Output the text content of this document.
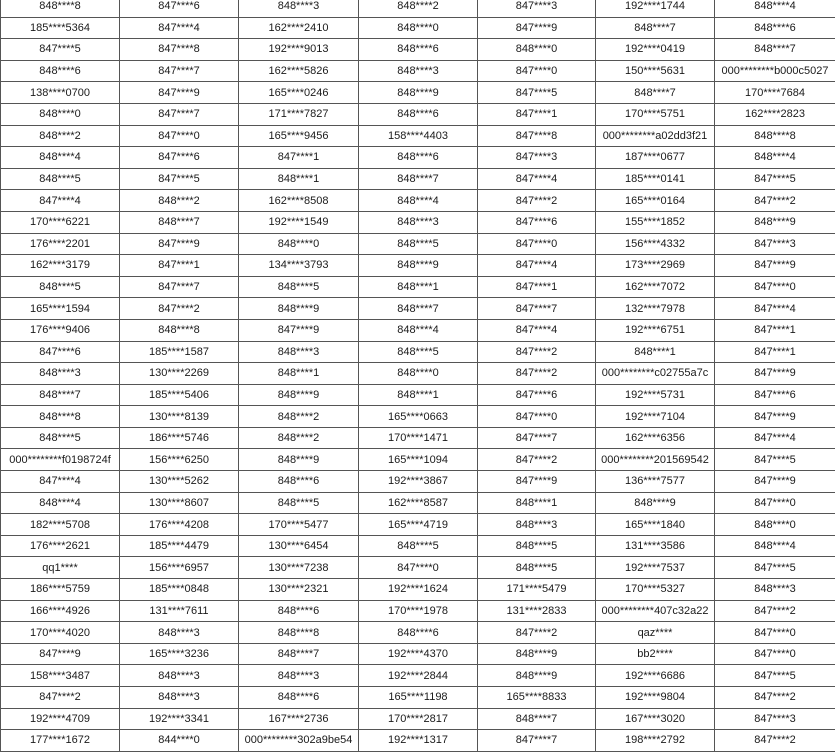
848****8	847****6	848****3	848****2	847****3	192****1744	848****4
185****5364	847****4	162****2410	848****0	847****9	848****7	848****6
847****5	847****8	192****9013	848****6	848****0	192****0419	848****7
848****6	847****7	162****5826	848****3	847****0	150****5631	000********b000c5027
138****0700	847****9	165****0246	848****9	847****5	848****7	170****7684
848****0	847****7	171****7827	848****6	847****1	170****5751	162****2823
848****2	847****0	165****9456	158****4403	847****8	000********a02dd3f21	848****8
848****4	847****6	847****1	848****6	847****3	187****0677	848****4
848****5	847****5	848****1	848****7	847****4	185****0141	847****5
847****4	848****2	162****8508	848****4	847****2	165****0164	847****2
170****6221	848****7	192****1549	848****3	847****6	155****1852	848****9
176****2201	847****9	848****0	848****5	847****0	156****4332	847****3
162****3179	847****1	134****3793	848****9	847****4	173****2969	847****9
848****5	847****7	848****5	848****1	847****1	162****7072	847****0
165****1594	847****2	848****9	848****7	847****7	132****7978	847****4
176****9406	848****8	847****9	848****4	847****4	192****6751	847****1
847****6	185****1587	848****3	848****5	847****2	848****1	847****1
848****3	130****2269	848****1	848****0	847****2	000********c02755a7c	847****9
848****7	185****5406	848****9	848****1	847****6	192****5731	847****6
848****8	130****8139	848****2	165****0663	847****0	192****7104	847****9
848****5	186****5746	848****2	170****1471	847****7	162****6356	847****4
000********f0198724f	156****6250	848****9	165****1094	847****2	000********201569542	847****5
847****4	130****5262	848****6	192****3867	847****9	136****7577	847****9
848****4	130****8607	848****5	162****8587	848****1	848****9	847****0
182****5708	176****4208	170****5477	165****4719	848****3	165****1840	848****0
176****2621	185****4479	130****6454	848****5	848****5	131****3586	848****4
qq1****	156****6957	130****7238	847****0	848****5	192****7537	847****5
186****5759	185****0848	130****2321	192****1624	171****5479	170****5327	848****3
166****4926	131****7611	848****6	170****1978	131****2833	000********407c32a22	847****2
170****4020	848****3	848****8	848****6	847****2	qaz****	847****0
847****9	165****3236	848****7	192****4370	848****9	bb2****	847****0
158****3487	848****3	848****3	192****2844	848****9	192****6686	847****5
847****2	848****3	848****6	165****1198	165****8833	192****9804	847****2
192****4709	192****3341	167****2736	170****2817	848****7	167****3020	847****3
177****1672	844****0	000********302a9be54	192****1317	847****7	198****2792	847****2
